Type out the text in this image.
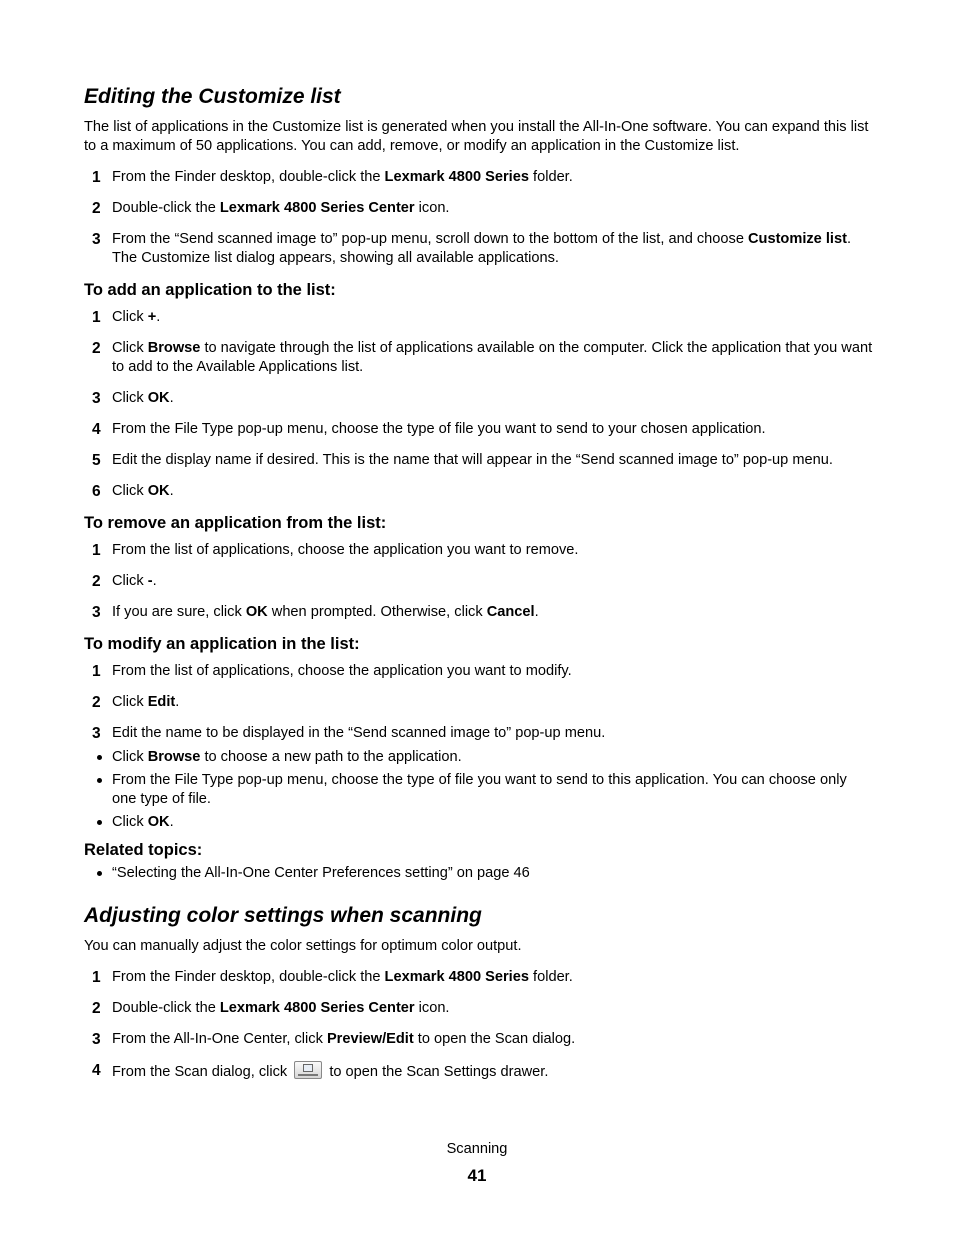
Editing the Customize list

The list of applications in the Customize list is generated when you install the All-In-One software. You can expand this list to a maximum of 50 applications. You can add, remove, or modify an application in the Customize list.

1 From the Finder desktop, double-click the Lexmark 4800 Series folder.
2 Double-click the Lexmark 4800 Series Center icon.
3 From the “Send scanned image to” pop-up menu, scroll down to the bottom of the list, and choose Customize list. The Customize list dialog appears, showing all available applications.
To add an application to the list:
1 Click +.
2 Click Browse to navigate through the list of applications available on the computer. Click the application that you want to add to the Available Applications list.
3 Click OK.
4 From the File Type pop-up menu, choose the type of file you want to send to your chosen application.
5 Edit the display name if desired. This is the name that will appear in the “Send scanned image to” pop-up menu.
6 Click OK.
To remove an application from the list:
1 From the list of applications, choose the application you want to remove.
2 Click -.
3 If you are sure, click OK when prompted. Otherwise, click Cancel.
To modify an application in the list:
1 From the list of applications, choose the application you want to modify.
2 Click Edit.
3 Edit the name to be displayed in the “Send scanned image to” pop-up menu.
Click Browse to choose a new path to the application.
From the File Type pop-up menu, choose the type of file you want to send to this application. You can choose only one type of file.
Click OK.
Related topics:
“Selecting the All-In-One Center Preferences setting” on page 46
Adjusting color settings when scanning

You can manually adjust the color settings for optimum color output.

1 From the Finder desktop, double-click the Lexmark 4800 Series folder.
2 Double-click the Lexmark 4800 Series Center icon.
3 From the All-In-One Center, click Preview/Edit to open the Scan dialog.
4 From the Scan dialog, click  to open the Scan Settings drawer.
Scanning
41
